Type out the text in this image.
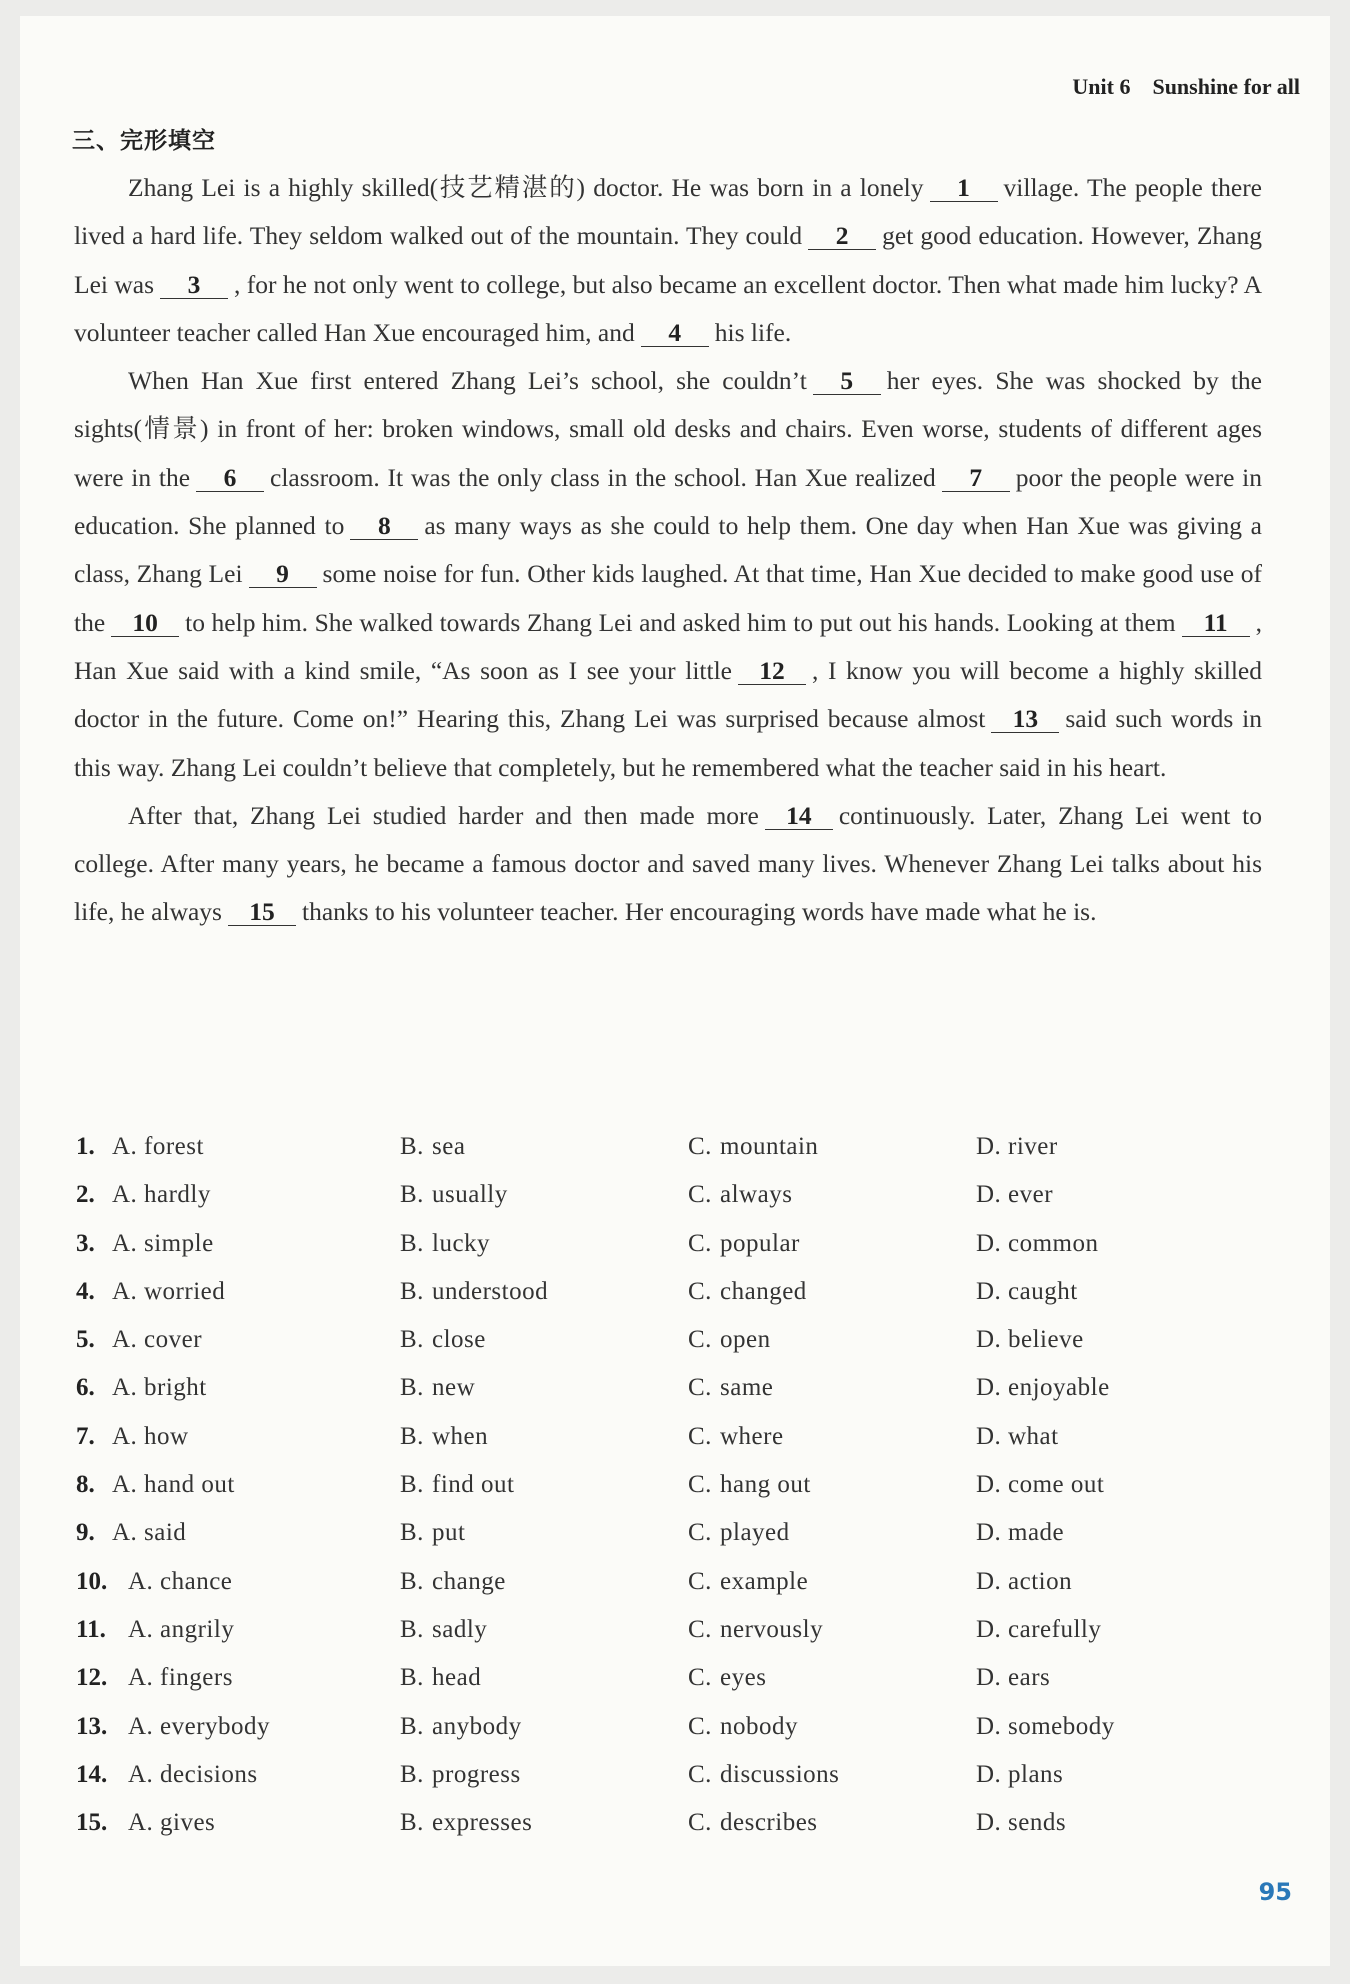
Unit 6 Sunshine for all
三、完形填空

Zhang Lei is a highly skilled(技艺精湛的) doctor. He was born in a lonely 1 village. The people there lived a hard life. They seldom walked out of the mountain. They could 2 get good education. However, Zhang Lei was 3 , for he not only went to college, but also became an excellent doctor. Then what made him lucky? A volunteer teacher called Han Xue encouraged him, and 4 his life.

When Han Xue first entered Zhang Lei’s school, she couldn’t 5 her eyes. She was shocked by the sights(情景) in front of her: broken windows, small old desks and chairs. Even worse, students of different ages were in the 6 classroom. It was the only class in the school. Han Xue realized 7 poor the people were in education. She planned to 8 as many ways as she could to help them. One day when Han Xue was giving a class, Zhang Lei 9 some noise for fun. Other kids laughed. At that time, Han Xue decided to make good use of the 10 to help him. She walked towards Zhang Lei and asked him to put out his hands. Looking at them 11 , Han Xue said with a kind smile, “As soon as I see your little 12 , I know you will become a highly skilled doctor in the future. Come on!” Hearing this, Zhang Lei was surprised because almost 13 said such words in this way. Zhang Lei couldn’t believe that completely, but he remembered what the teacher said in his heart.

After that, Zhang Lei studied harder and then made more 14 continuously. Later, Zhang Lei went to college. After many years, he became a famous doctor and saved many lives. Whenever Zhang Lei talks about his life, he always 15 thanks to his volunteer teacher. Her encouraging words have made what he is.

1. A. forest	B. sea	C. mountain	D. river
2. A. hardly	B. usually	C. always	D. ever
3. A. simple	B. lucky	C. popular	D. common
4. A. worried	B. understood	C. changed	D. caught
5. A. cover	B. close	C. open	D. believe
6. A. bright	B. new	C. same	D. enjoyable
7. A. how	B. when	C. where	D. what
8. A. hand out	B. find out	C. hang out	D. come out
9. A. said	B. put	C. played	D. made
10. A. chance	B. change	C. example	D. action
11. A. angrily	B. sadly	C. nervously	D. carefully
12. A. fingers	B. head	C. eyes	D. ears
13. A. everybody	B. anybody	C. nobody	D. somebody
14. A. decisions	B. progress	C. discussions	D. plans
15. A. gives	B. expresses	C. describes	D. sends
95
